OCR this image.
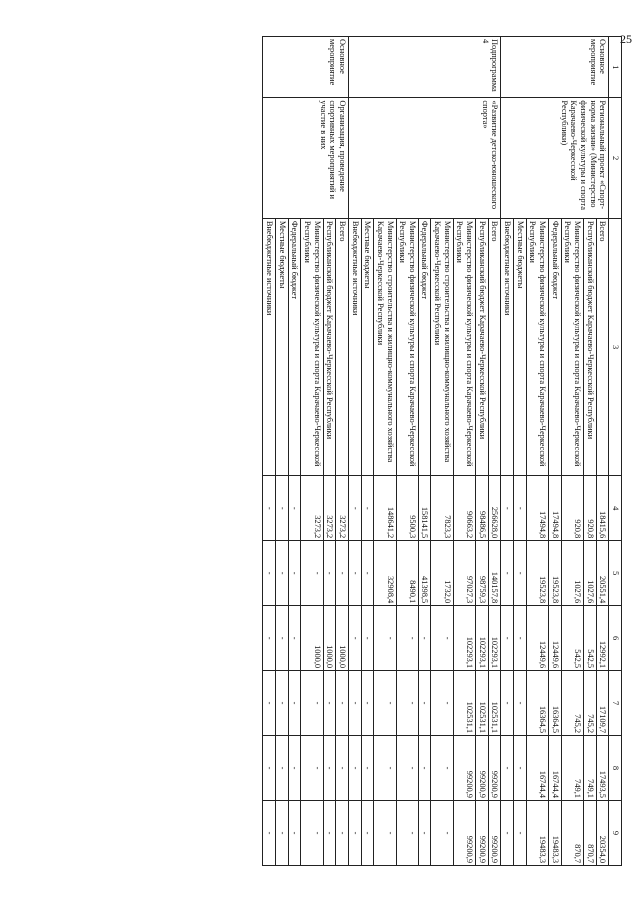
25
1	2	3	4	5	6	7	8	9
Основное мероприятие	Региональный проект «Спорт-норма жизни» (Министерство физической культуры и спорта Карачаево-Черкесской Республики)	Всего	18415,6	20551,4	12992,1	17109,7	17493,5	20354,0
		Республиканский бюджет Карачаево-Черкесской Республики	920,8	1027,6	542,5	745,2	749,1	870,7
		Министерство физической культуры и спорта Карачаево-Черкесской Республики	920,8	1027,6	542,5	745,2	749,1	870,7
		Федеральный бюджет	17494,8	19523,8	12449,6	16364,5	16744,4	19483,3
		Министерство физической культуры и спорта Карачаево-Черкесской Республики	17494,8	19523,8	12449,6	16364,5	16744,4	19483,3
		Местные бюджеты	-	-	-	-	-	-
		Внебюджетные источники	-	-	-	-	-	-
Подпрограмма 4	«Развитие детско-юношеского спорта»	Всего	256628,0	140157,8	102293,1	102531,1	99200,9	99200,9
		Республиканский бюджет Карачаево-Черкесской Республики	98486,5	98759,3	102293,1	102531,1	99200,9	99200,9
		Министерство физической культуры и спорта Карачаево-Черкесской Республики	90663,2	97027,3	102293,1	102531,1	99200,9	99200,9
		Министерство строительства и жилищно-коммунального хозяйства Карачаево-Черкесской Республики	7823,3	1732,0	-	-	-	-
		Федеральный бюджет	158141,5	41398,5	-	-	-	-
		Министерство физической культуры и спорта Карачаево-Черкесской Республики	9500,3	8490,1	-	-	-	-
		Министерство строительства и жилищно-коммунального хозяйства Карачаево-Черкесской Республики	148641,2	32908,4	-	-	-	-
		Местные бюджеты	-	-	-	-	-	-
		Внебюджетные источники	-	-	-	-	-	-
Основное мероприятие	Организация, проведение спортивных мероприятий и участие в них	Всего	3273,2	-	1000,0	-	-	-
		Республиканский бюджет Карачаево-Черкесской Республики	3273,2	-	1000,0	-	-	-
		Министерство физической культуры и спорта Карачаево-Черкесской Республики	3273,2	-	1000,0	-	-	-
		Федеральный бюджет	-	-	-	-	-	-
		Местные бюджеты	-	-	-	-	-	-
		Внебюджетные источники	-	-	-	-	-	-
